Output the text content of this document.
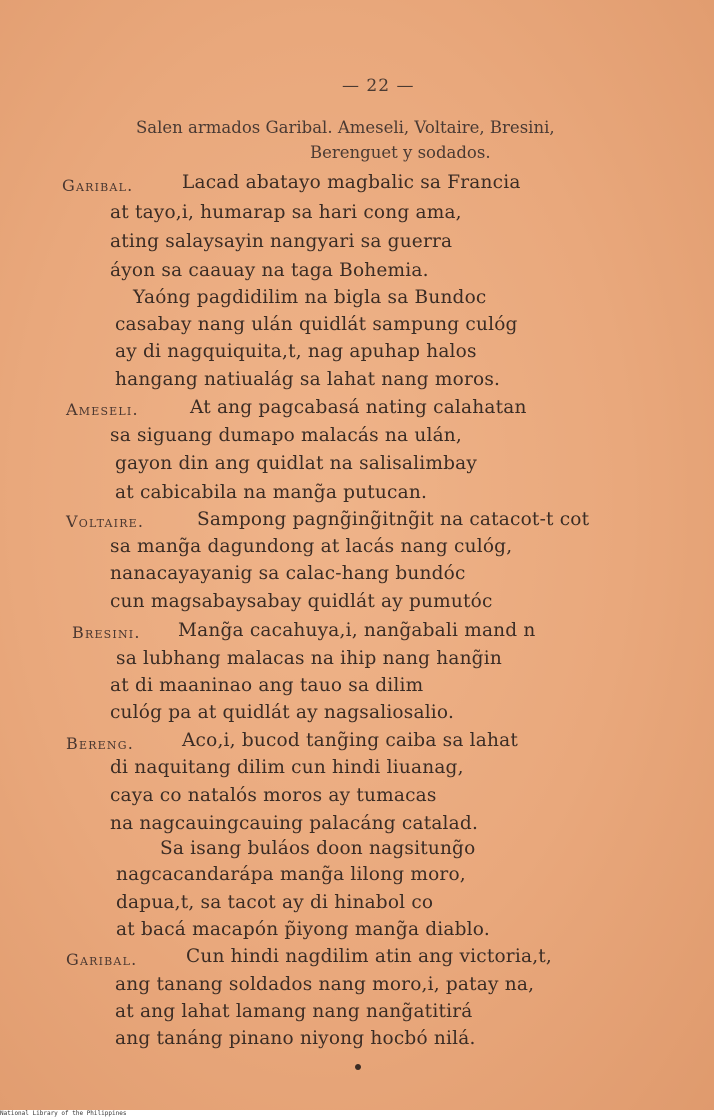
— 22 —
Salen armados Garibal. Ameseli, Voltaire, Bresini,
Berenguet y sodados.
Garibal.	Lacad abatayo magbalic sa Francia
at tayo,i, humarap sa hari cong ama,
ating salaysayin nangyari sa guerra
áyon sa caauay na taga Bohemia.
Yaóng pagdidilim na bigla sa Bundoc
casabay nang ulán quidlát sampung culóg
ay di nagquiquita,t, nag apuhap halos
hangang natiualág sa lahat nang moros.
Ameseli.	At ang pagcabasá nating calahatan
sa siguang dumapo malacás na ulán,
gayon din ang quidlat na salisalimbay
at cabicabila na mang̃a putucan.
Voltaire.	Sampong pagng̃ing̃itng̃it na catacot-t cot
sa mang̃a dagundong at lacás nang culóg,
nanacayayanig sa calac-hang bundóc
cun magsabaysabay quidlát ay pumutóc
Bresini. Mang̃a cacahuya,i, nang̃abali mand n
sa lubhang malacas na ihip nang hang̃in
at di maaninao ang tauo sa dilim
culóg pa at quidlát ay nagsaliosalio.
Bereng.	Aco,i, bucod tang̃ing caiba sa lahat
di naquitang dilim cun hindi liuanag,
caya co natalós moros ay tumacas
na nagcauingcauing palacáng catalad.
Sa isang buláos doon nagsitung̃o
nagcacandarápa mang̃a lilong moro,
dapua,t, sa tacot ay di hinabol co
at bacá macapón p̃iyong mang̃a diablo.
Garibal.	Cun hindi nagdilim atin ang victoria,t,
ang tanang soldados nang moro,i, patay na,
at ang lahat lamang nang nang̃atitirá
ang tanáng pinano niyong hocbó nilá.
National Library of the Philippines
